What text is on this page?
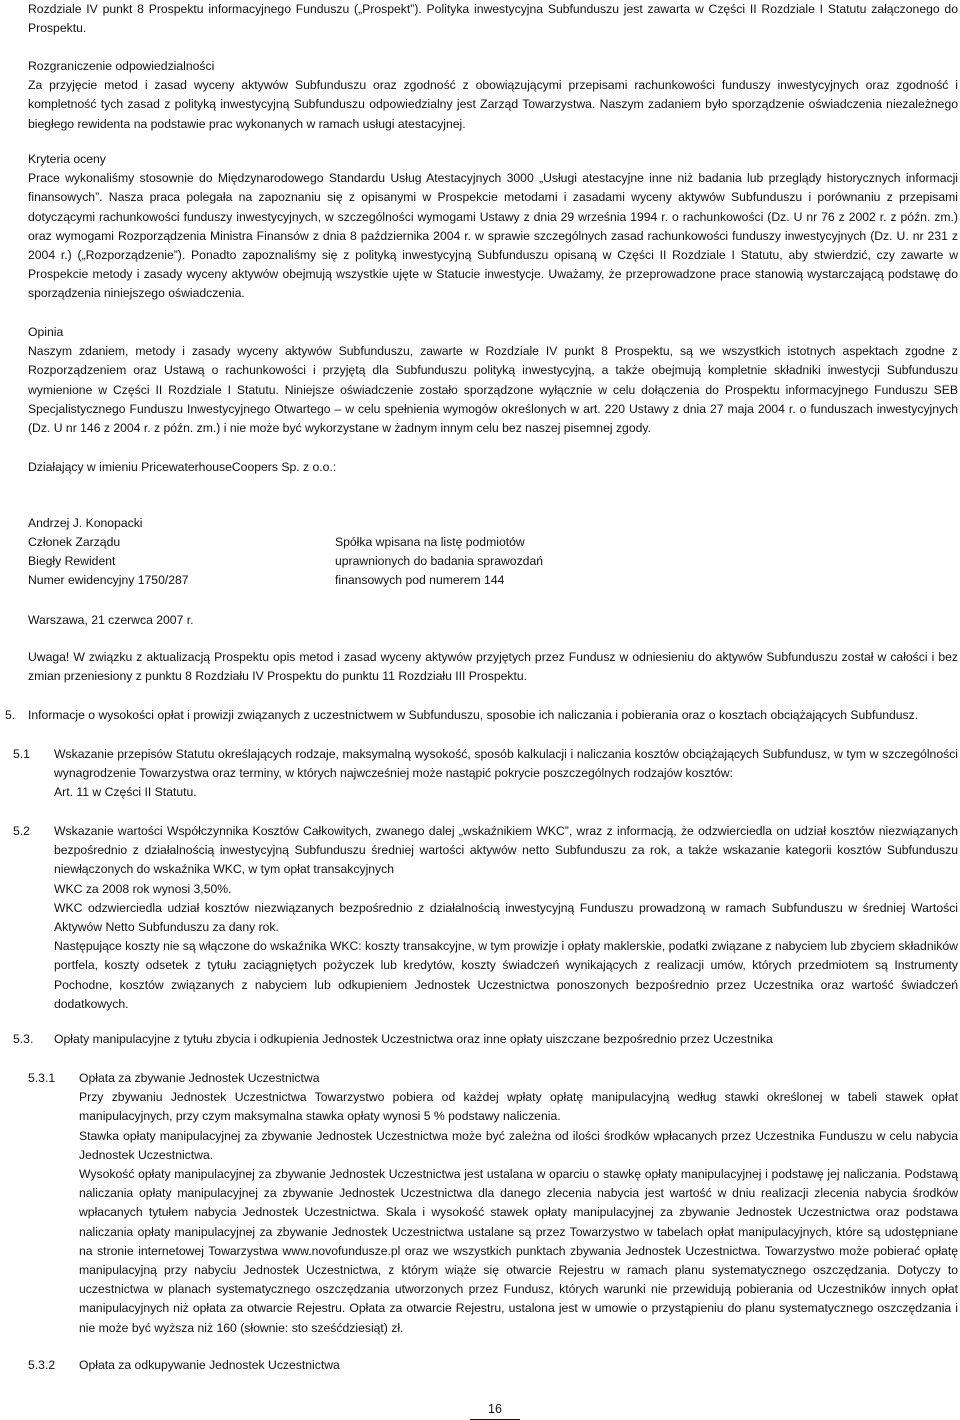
Rozdziale IV punkt 8 Prospektu informacyjnego Funduszu („Prospekt”). Polityka inwestycyjna Subfunduszu jest zawarta w Części II Rozdziale I Statutu załączonego do Prospektu.

Rozgraniczenie odpowiedzialności

Za przyjęcie metod i zasad wyceny aktywów Subfunduszu oraz zgodność z obowiązującymi przepisami rachunkowości funduszy inwestycyjnych oraz zgodność i kompletność tych zasad z polityką inwestycyjną Subfunduszu odpowiedzialny jest Zarząd Towarzystwa. Naszym zadaniem było sporządzenie oświadczenia niezależnego biegłego rewidenta na podstawie prac wykonanych w ramach usługi atestacyjnej.

Kryteria oceny

Prace wykonaliśmy stosownie do Międzynarodowego Standardu Usług Atestacyjnych 3000 „Usługi atestacyjne inne niż badania lub przeglądy historycznych informacji finansowych”. Nasza praca polegała na zapoznaniu się z opisanymi w Prospekcie metodami i zasadami wyceny aktywów Subfunduszu i porównaniu z przepisami dotyczącymi rachunkowości funduszy inwestycyjnych, w szczególności wymogami Ustawy z dnia 29 września 1994 r. o rachunkowości (Dz. U nr 76 z 2002 r. z późn. zm.) oraz wymogami Rozporządzenia Ministra Finansów z dnia 8 października 2004 r. w sprawie szczególnych zasad rachunkowości funduszy inwestycyjnych (Dz. U. nr 231 z 2004 r.) („Rozporządzenie”). Ponadto zapoznaliśmy się z polityką inwestycyjną Subfunduszu opisaną w Części II Rozdziale I Statutu, aby stwierdzić, czy zawarte w Prospekcie metody i zasady wyceny aktywów obejmują wszystkie ujęte w Statucie inwestycje. Uważamy, że przeprowadzone prace stanowią wystarczającą podstawę do sporządzenia niniejszego oświadczenia.

Opinia

Naszym zdaniem, metody i zasady wyceny aktywów Subfunduszu, zawarte w Rozdziale IV punkt 8 Prospektu, są we wszystkich istotnych aspektach zgodne z Rozporządzeniem oraz Ustawą o rachunkowości i przyjętą dla Subfunduszu polityką inwestycyjną, a także obejmują kompletnie składniki inwestycji Subfunduszu wymienione w Części II Rozdziale I Statutu. Niniejsze oświadczenie zostało sporządzone wyłącznie w celu dołączenia do Prospektu informacyjnego Funduszu SEB Specjalistycznego Funduszu Inwestycyjnego Otwartego – w celu spełnienia wymogów określonych w art. 220 Ustawy z dnia 27 maja 2004 r. o funduszach inwestycyjnych (Dz. U nr 146 z 2004 r. z późn. zm.) i nie może być wykorzystane w żadnym innym celu bez naszej pisemnej zgody.

Działający w imieniu PricewaterhouseCoopers Sp. z o.o.:

Andrzej J. Konopacki
Członek Zarządu
Biegły Rewident
Numer ewidencyjny 1750/287
Spółka wpisana na listę podmiotów
uprawnionych do badania sprawozdań
finansowych pod numerem 144

Warszawa, 21 czerwca 2007 r.

Uwaga! W związku z aktualizacją Prospektu opis metod i zasad wyceny aktywów przyjętych przez Fundusz w odniesieniu do aktywów Subfunduszu został w całości i bez zmian przeniesiony z punktu 8 Rozdziału IV Prospektu do punktu 11 Rozdziału III Prospektu.

5. Informacje o wysokości opłat i prowizji związanych z uczestnictwem w Subfunduszu, sposobie ich naliczania i pobierania oraz o kosztach obciążających Subfundusz.

5.1 Wskazanie przepisów Statutu określających rodzaje, maksymalną wysokość, sposób kalkulacji i naliczania kosztów obciążających Subfundusz, w tym w szczególności wynagrodzenie Towarzystwa oraz terminy, w których najwcześniej może nastąpić pokrycie poszczególnych rodzajów kosztów:

Art. 11 w Części II Statutu.

5.2 Wskazanie wartości Współczynnika Kosztów Całkowitych, zwanego dalej „wskaźnikiem WKC”, wraz z informacją, że odzwierciedla on udział kosztów niezwiązanych bezpośrednio z działalnością inwestycyjną Subfunduszu średniej wartości aktywów netto Subfunduszu za rok, a także wskazanie kategorii kosztów Subfunduszu niewłączonych do wskaźnika WKC, w tym opłat transakcyjnych

WKC za 2008 rok wynosi 3,50%.

WKC odzwierciedla udział kosztów niezwiązanych bezpośrednio z działalnością inwestycyjną Funduszu prowadzoną w ramach Subfunduszu w średniej Wartości Aktywów Netto Subfunduszu za dany rok.

Następujące koszty nie są włączone do wskaźnika WKC: koszty transakcyjne, w tym prowizje i opłaty maklerskie, podatki związane z nabyciem lub zbyciem składników portfela, koszty odsetek z tytułu zaciągniętych pożyczek lub kredytów, koszty świadczeń wynikających z realizacji umów, których przedmiotem są Instrumenty Pochodne, kosztów związanych z nabyciem lub odkupieniem Jednostek Uczestnictwa ponoszonych bezpośrednio przez Uczestnika oraz wartość świadczeń dodatkowych.

5.3. Opłaty manipulacyjne z tytułu zbycia i odkupienia Jednostek Uczestnictwa oraz inne opłaty uiszczane bezpośrednio przez Uczestnika

5.3.1 Opłata za zbywanie Jednostek Uczestnictwa

Przy zbywaniu Jednostek Uczestnictwa Towarzystwo pobiera od każdej wpłaty opłatę manipulacyjną według stawki określonej w tabeli stawek opłat manipulacyjnych, przy czym maksymalna stawka opłaty wynosi 5 % podstawy naliczenia.

Stawka opłaty manipulacyjnej za zbywanie Jednostek Uczestnictwa może być zależna od ilości środków wpłacanych przez Uczestnika Funduszu w celu nabycia Jednostek Uczestnictwa.

Wysokość opłaty manipulacyjnej za zbywanie Jednostek Uczestnictwa jest ustalana w oparciu o stawkę opłaty manipulacyjnej i podstawę jej naliczania. Podstawą naliczania opłaty manipulacyjnej za zbywanie Jednostek Uczestnictwa dla danego zlecenia nabycia jest wartość w dniu realizacji zlecenia nabycia środków wpłacanych tytułem nabycia Jednostek Uczestnictwa. Skala i wysokość stawek opłaty manipulacyjnej za zbywanie Jednostek Uczestnictwa oraz podstawa naliczania opłaty manipulacyjnej za zbywanie Jednostek Uczestnictwa ustalane są przez Towarzystwo w tabelach opłat manipulacyjnych, które są udostępniane na stronie internetowej Towarzystwa www.novofundusze.pl oraz we wszystkich punktach zbywania Jednostek Uczestnictwa. Towarzystwo może pobierać opłatę manipulacyjną przy nabyciu Jednostek Uczestnictwa, z którym wiąże się otwarcie Rejestru w ramach planu systematycznego oszczędzania. Dotyczy to uczestnictwa w planach systematycznego oszczędzania utworzonych przez Fundusz, których warunki nie przewidują pobierania od Uczestników innych opłat manipulacyjnych niż opłata za otwarcie Rejestru. Opłata za otwarcie Rejestru, ustalona jest w umowie o przystąpieniu do planu systematycznego oszczędzania i nie może być wyższa niż 160 (słownie: sto sześćdziesiąt) zł.

5.3.2 Opłata za odkupywanie Jednostek Uczestnictwa

16
